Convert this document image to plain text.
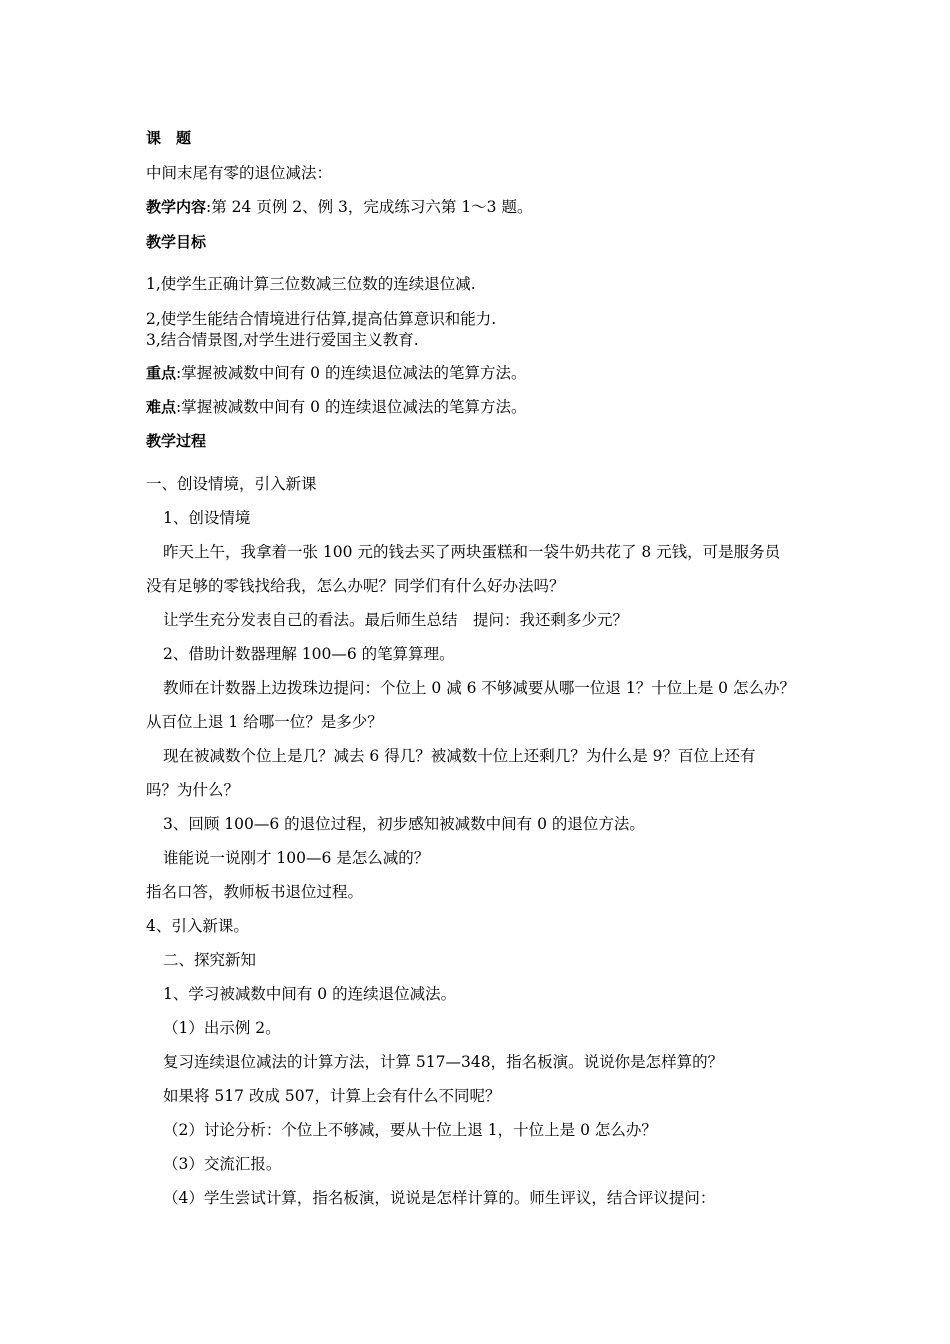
课　题
中间末尾有零的退位减法：
教学内容:第 24 页例 2、例 3，完成练习六第 1～3 题。
教学目标
1,使学生正确计算三位数减三位数的连续退位减.
2,使学生能结合情境进行估算,提高估算意识和能力.
3,结合情景图,对学生进行爱国主义教育.
重点:掌握被减数中间有 0 的连续退位减法的笔算方法。
难点:掌握被减数中间有 0 的连续退位减法的笔算方法。
教学过程
一、创设情境，引入新课
1、创设情境
昨天上午，我拿着一张 100 元的钱去买了两块蛋糕和一袋牛奶共花了 8 元钱，可是服务员
没有足够的零钱找给我，怎么办呢？同学们有什么好办法吗？
让学生充分发表自己的看法。最后师生总结　提问：我还剩多少元？
2、借助计数器理解 100—6 的笔算算理。
教师在计数器上边拨珠边提问：个位上 0 减 6 不够减要从哪一位退 1？十位上是 0 怎么办？
从百位上退 1 给哪一位？是多少？
现在被减数个位上是几？减去 6 得几？被减数十位上还剩几？为什么是 9？百位上还有
吗？为什么？
3、回顾 100—6 的退位过程，初步感知被减数中间有 0 的退位方法。
谁能说一说刚才 100—6 是怎么减的？
指名口答，教师板书退位过程。
4、引入新课。
二、探究新知
1、学习被减数中间有 0 的连续退位减法。
（1）出示例 2。
复习连续退位减法的计算方法，计算 517—348，指名板演。说说你是怎样算的？
如果将 517 改成 507，计算上会有什么不同呢？
（2）讨论分析：个位上不够减，要从十位上退 1，十位上是 0 怎么办？
（3）交流汇报。
（4）学生尝试计算，指名板演，说说是怎样计算的。师生评议，结合评议提问：
